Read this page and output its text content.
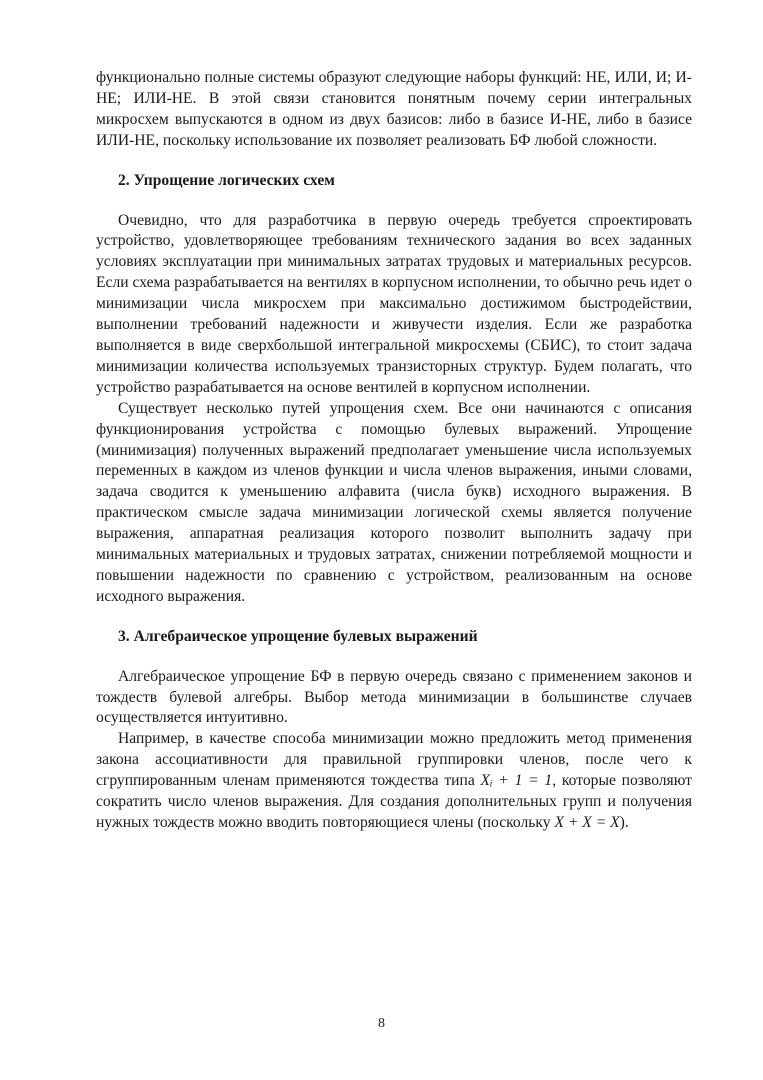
функционально полные системы образуют следующие наборы функций: НЕ, ИЛИ, И; И-НЕ; ИЛИ-НЕ. В этой связи становится понятным почему серии интегральных микросхем выпускаются в одном из двух базисов: либо в базисе И-НЕ, либо в базисе ИЛИ-НЕ, поскольку использование их позволяет реализовать БФ любой сложности.

2. Упрощение логических схем

Очевидно, что для разработчика в первую очередь требуется спроектировать устройство, удовлетворяющее требованиям технического задания во всех заданных условиях эксплуатации при минимальных затратах трудовых и материальных ресурсов. Если схема разрабатывается на вентилях в корпусном исполнении, то обычно речь идет о минимизации числа микросхем при максимально достижимом быстродействии, выполнении требований надежности и живучести изделия. Если же разработка выполняется в виде сверхбольшой интегральной микросхемы (СБИС), то стоит задача минимизации количества используемых транзисторных структур. Будем полагать, что устройство разрабатывается на основе вентилей в корпусном исполнении.

Существует несколько путей упрощения схем. Все они начинаются с описания функционирования устройства с помощью булевых выражений. Упрощение (минимизация) полученных выражений предполагает уменьшение числа используемых переменных в каждом из членов функции и числа членов выражения, иными словами, задача сводится к уменьшению алфавита (числа букв) исходного выражения. В практическом смысле задача минимизации логической схемы является получение выражения, аппаратная реализация которого позволит выполнить задачу при минимальных материальных и трудовых затратах, снижении потребляемой мощности и повышении надежности по сравнению с устройством, реализованным на основе исходного выражения.

3. Алгебраическое упрощение булевых выражений

Алгебраическое упрощение БФ в первую очередь связано с применением законов и тождеств булевой алгебры. Выбор метода минимизации в большинстве случаев осуществляется интуитивно.

Например, в качестве способа минимизации можно предложить метод применения закона ассоциативности для правильной группировки членов, после чего к сгруппированным членам применяются тождества типа Xᵢ + 1 = 1, которые позволяют сократить число членов выражения. Для создания дополнительных групп и получения нужных тождеств можно вводить повторяющиеся члены (поскольку X + X = X).

8
